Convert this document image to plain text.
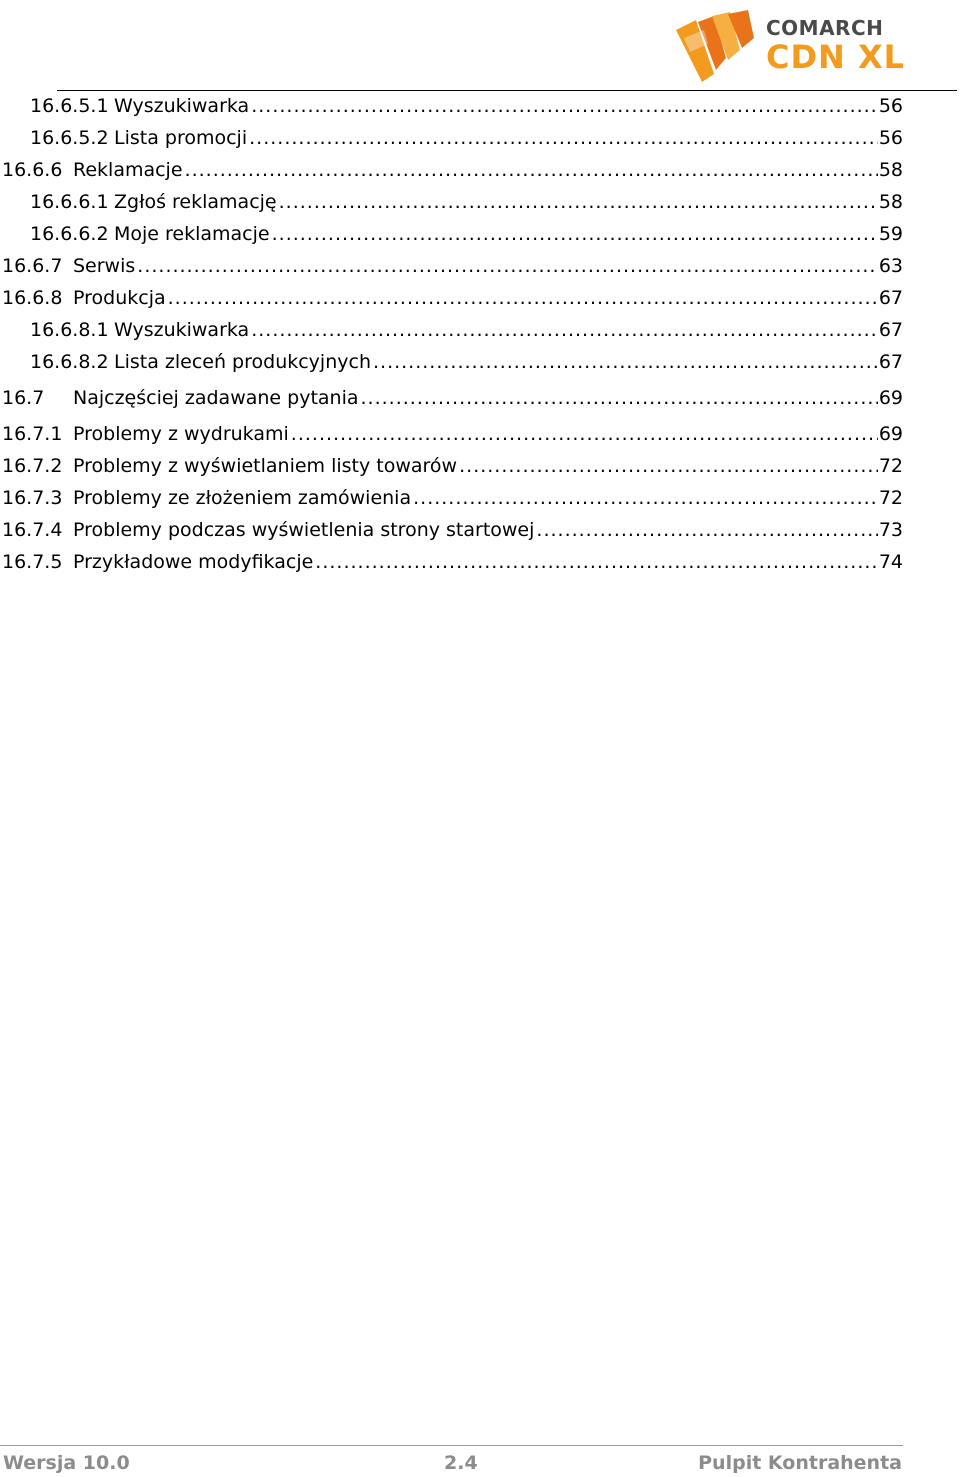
COMARCH
CDN XL
16.6.5.1 Wyszukiwarka .....	56
16.6.5.2 Lista promocji .....	56
16.6.6 Reklamacje .....	58
16.6.6.1 Zgłoś reklamację .....	58
16.6.6.2 Moje reklamacje .....	59
16.6.7 Serwis .....	63
16.6.8 Produkcja .....	67
16.6.8.1 Wyszukiwarka .....	67
16.6.8.2 Lista zleceń produkcyjnych .....	67
16.7 Najczęściej zadawane pytania .....	69
16.7.1 Problemy z wydrukami .....	69
16.7.2 Problemy z wyświetlaniem listy towarów .....	72
16.7.3 Problemy ze złożeniem zamówienia .....	72
16.7.4 Problemy podczas wyświetlenia strony startowej .....	73
16.7.5 Przykładowe modyfikacje .....	74
Wersja 10.0	2.4	Pulpit Kontrahenta
